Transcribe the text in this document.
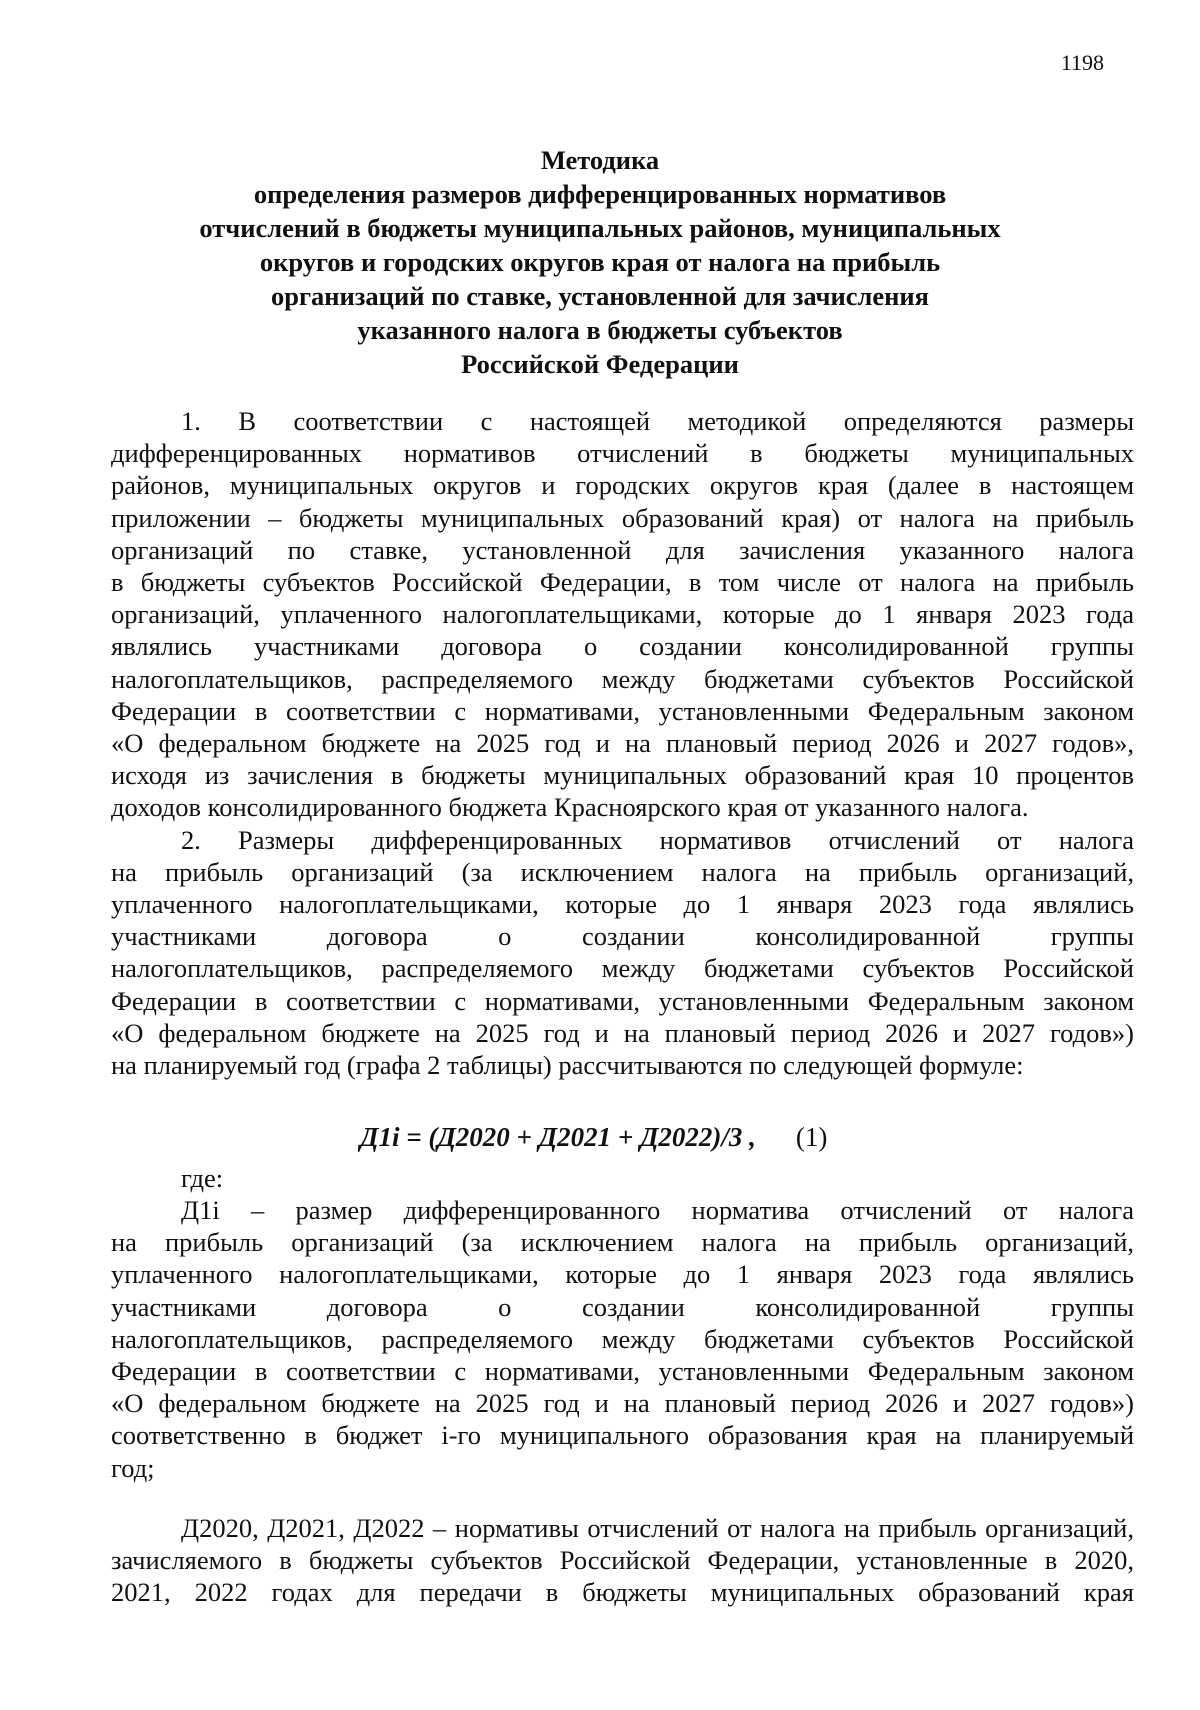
1198
Методика
определения размеров дифференцированных нормативов
отчислений в бюджеты муниципальных районов, муниципальных
округов и городских округов края от налога на прибыль
организаций по ставке, установленной для зачисления
указанного налога в бюджеты субъектов
Российской Федерации
1. В соответствии с настоящей методикой определяются размеры
дифференцированных нормативов отчислений в бюджеты муниципальных
районов, муниципальных округов и городских округов края (далее в настоящем
приложении – бюджеты муниципальных образований края) от налога на прибыль
организаций по ставке, установленной для зачисления указанного налога
в бюджеты субъектов Российской Федерации, в том числе от налога на прибыль
организаций, уплаченного налогоплательщиками, которые до 1 января 2023 года
являлись участниками договора о создании консолидированной группы
налогоплательщиков, распределяемого между бюджетами субъектов Российской
Федерации в соответствии с нормативами, установленными Федеральным законом
«О федеральном бюджете на 2025 год и на плановый период 2026 и 2027 годов»,
исходя из зачисления в бюджеты муниципальных образований края 10 процентов
доходов консолидированного бюджета Красноярского края от указанного налога.
2. Размеры дифференцированных нормативов отчислений от налога
на прибыль организаций (за исключением налога на прибыль организаций,
уплаченного налогоплательщиками, которые до 1 января 2023 года являлись
участниками договора о создании консолидированной группы
налогоплательщиков, распределяемого между бюджетами субъектов Российской
Федерации в соответствии с нормативами, установленными Федеральным законом
«О федеральном бюджете на 2025 год и на плановый период 2026 и 2027 годов»)
на планируемый год (графа 2 таблицы) рассчитываются по следующей формуле:
Д1i = (Д2020 + Д2021 + Д2022)/3 , (1)
где:
Д1i – размер дифференцированного норматива отчислений от налога
на прибыль организаций (за исключением налога на прибыль организаций,
уплаченного налогоплательщиками, которые до 1 января 2023 года являлись
участниками договора о создании консолидированной группы
налогоплательщиков, распределяемого между бюджетами субъектов Российской
Федерации в соответствии с нормативами, установленными Федеральным законом
«О федеральном бюджете на 2025 год и на плановый период 2026 и 2027 годов»)
соответственно в бюджет i-го муниципального образования края на планируемый
год;
Д2020, Д2021, Д2022 – нормативы отчислений от налога на прибыль организаций,
зачисляемого в бюджеты субъектов Российской Федерации, установленные в 2020,
2021, 2022 годах для передачи в бюджеты муниципальных образований края
